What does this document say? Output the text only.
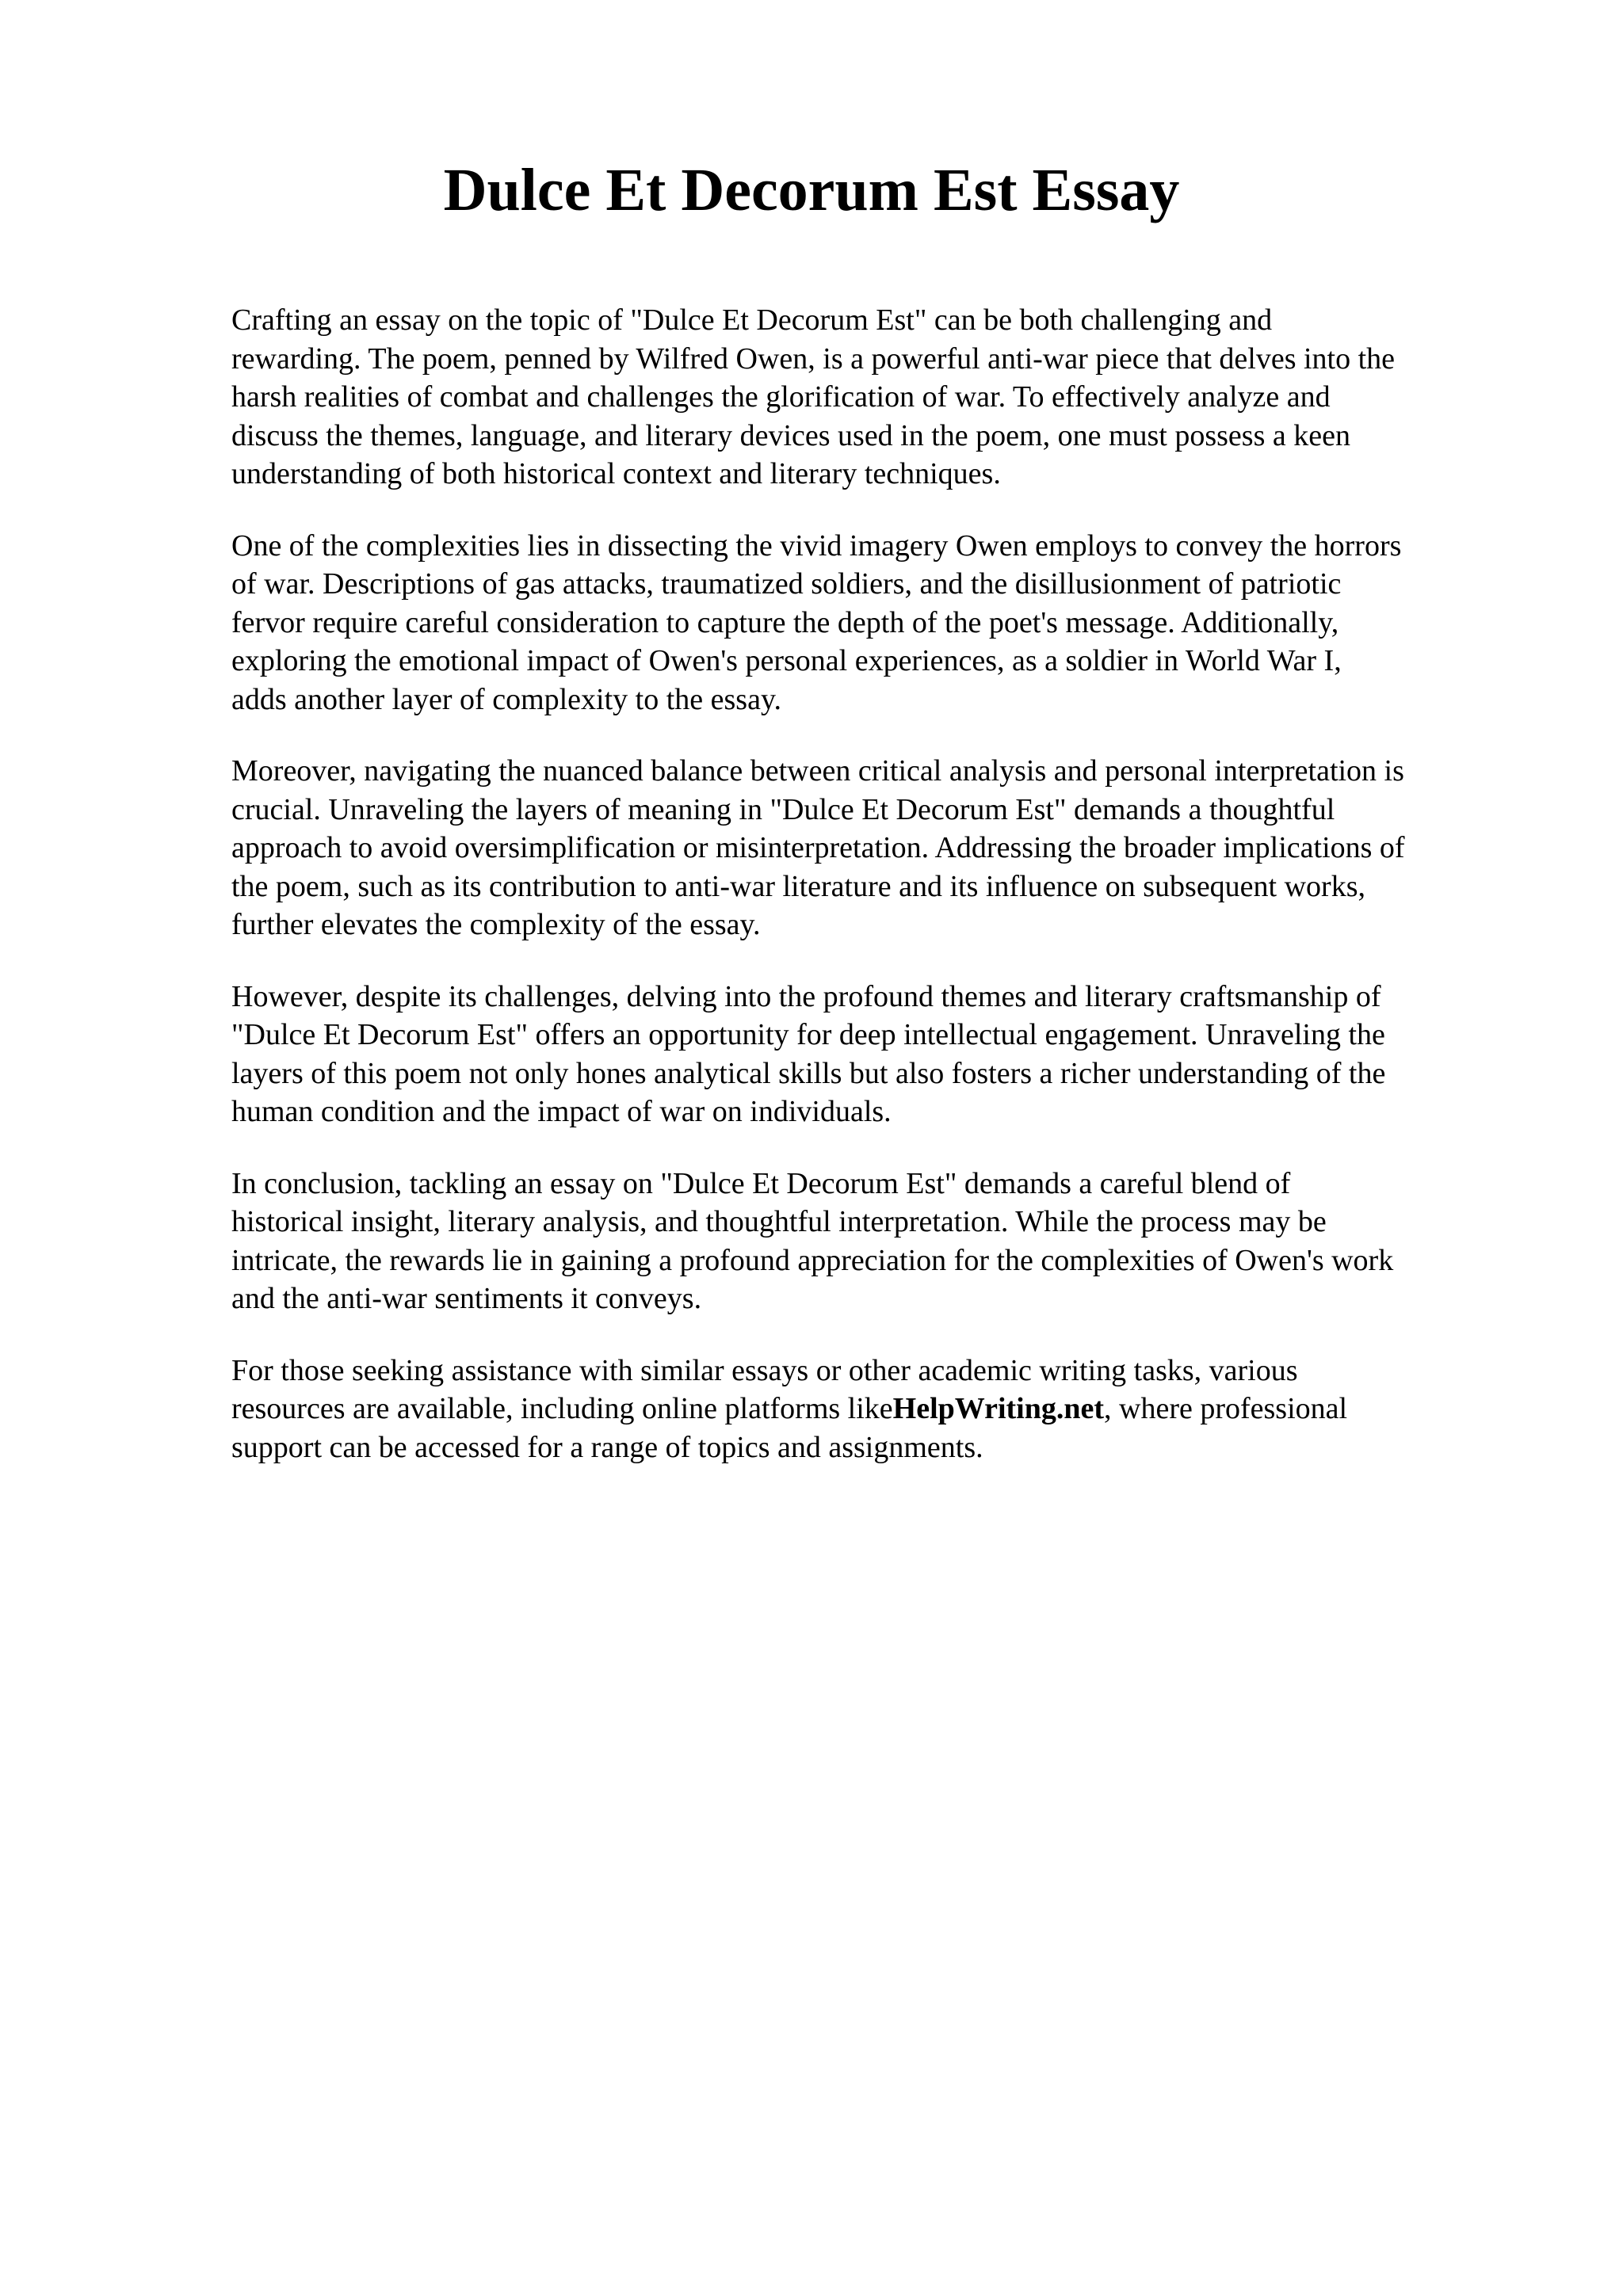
Dulce Et Decorum Est Essay

Crafting an essay on the topic of "Dulce Et Decorum Est" can be both challenging and
rewarding. The poem, penned by Wilfred Owen, is a powerful anti-war piece that delves into the
harsh realities of combat and challenges the glorification of war. To effectively analyze and
discuss the themes, language, and literary devices used in the poem, one must possess a keen
understanding of both historical context and literary techniques.

One of the complexities lies in dissecting the vivid imagery Owen employs to convey the horrors
of war. Descriptions of gas attacks, traumatized soldiers, and the disillusionment of patriotic
fervor require careful consideration to capture the depth of the poet's message. Additionally,
exploring the emotional impact of Owen's personal experiences, as a soldier in World War I,
adds another layer of complexity to the essay.

Moreover, navigating the nuanced balance between critical analysis and personal interpretation is
crucial. Unraveling the layers of meaning in "Dulce Et Decorum Est" demands a thoughtful
approach to avoid oversimplification or misinterpretation. Addressing the broader implications of
the poem, such as its contribution to anti-war literature and its influence on subsequent works,
further elevates the complexity of the essay.

However, despite its challenges, delving into the profound themes and literary craftsmanship of
"Dulce Et Decorum Est" offers an opportunity for deep intellectual engagement. Unraveling the
layers of this poem not only hones analytical skills but also fosters a richer understanding of the
human condition and the impact of war on individuals.

In conclusion, tackling an essay on "Dulce Et Decorum Est" demands a careful blend of
historical insight, literary analysis, and thoughtful interpretation. While the process may be
intricate, the rewards lie in gaining a profound appreciation for the complexities of Owen's work
and the anti-war sentiments it conveys.

For those seeking assistance with similar essays or other academic writing tasks, various
resources are available, including online platforms likeHelpWriting.net, where professional
support can be accessed for a range of topics and assignments.
